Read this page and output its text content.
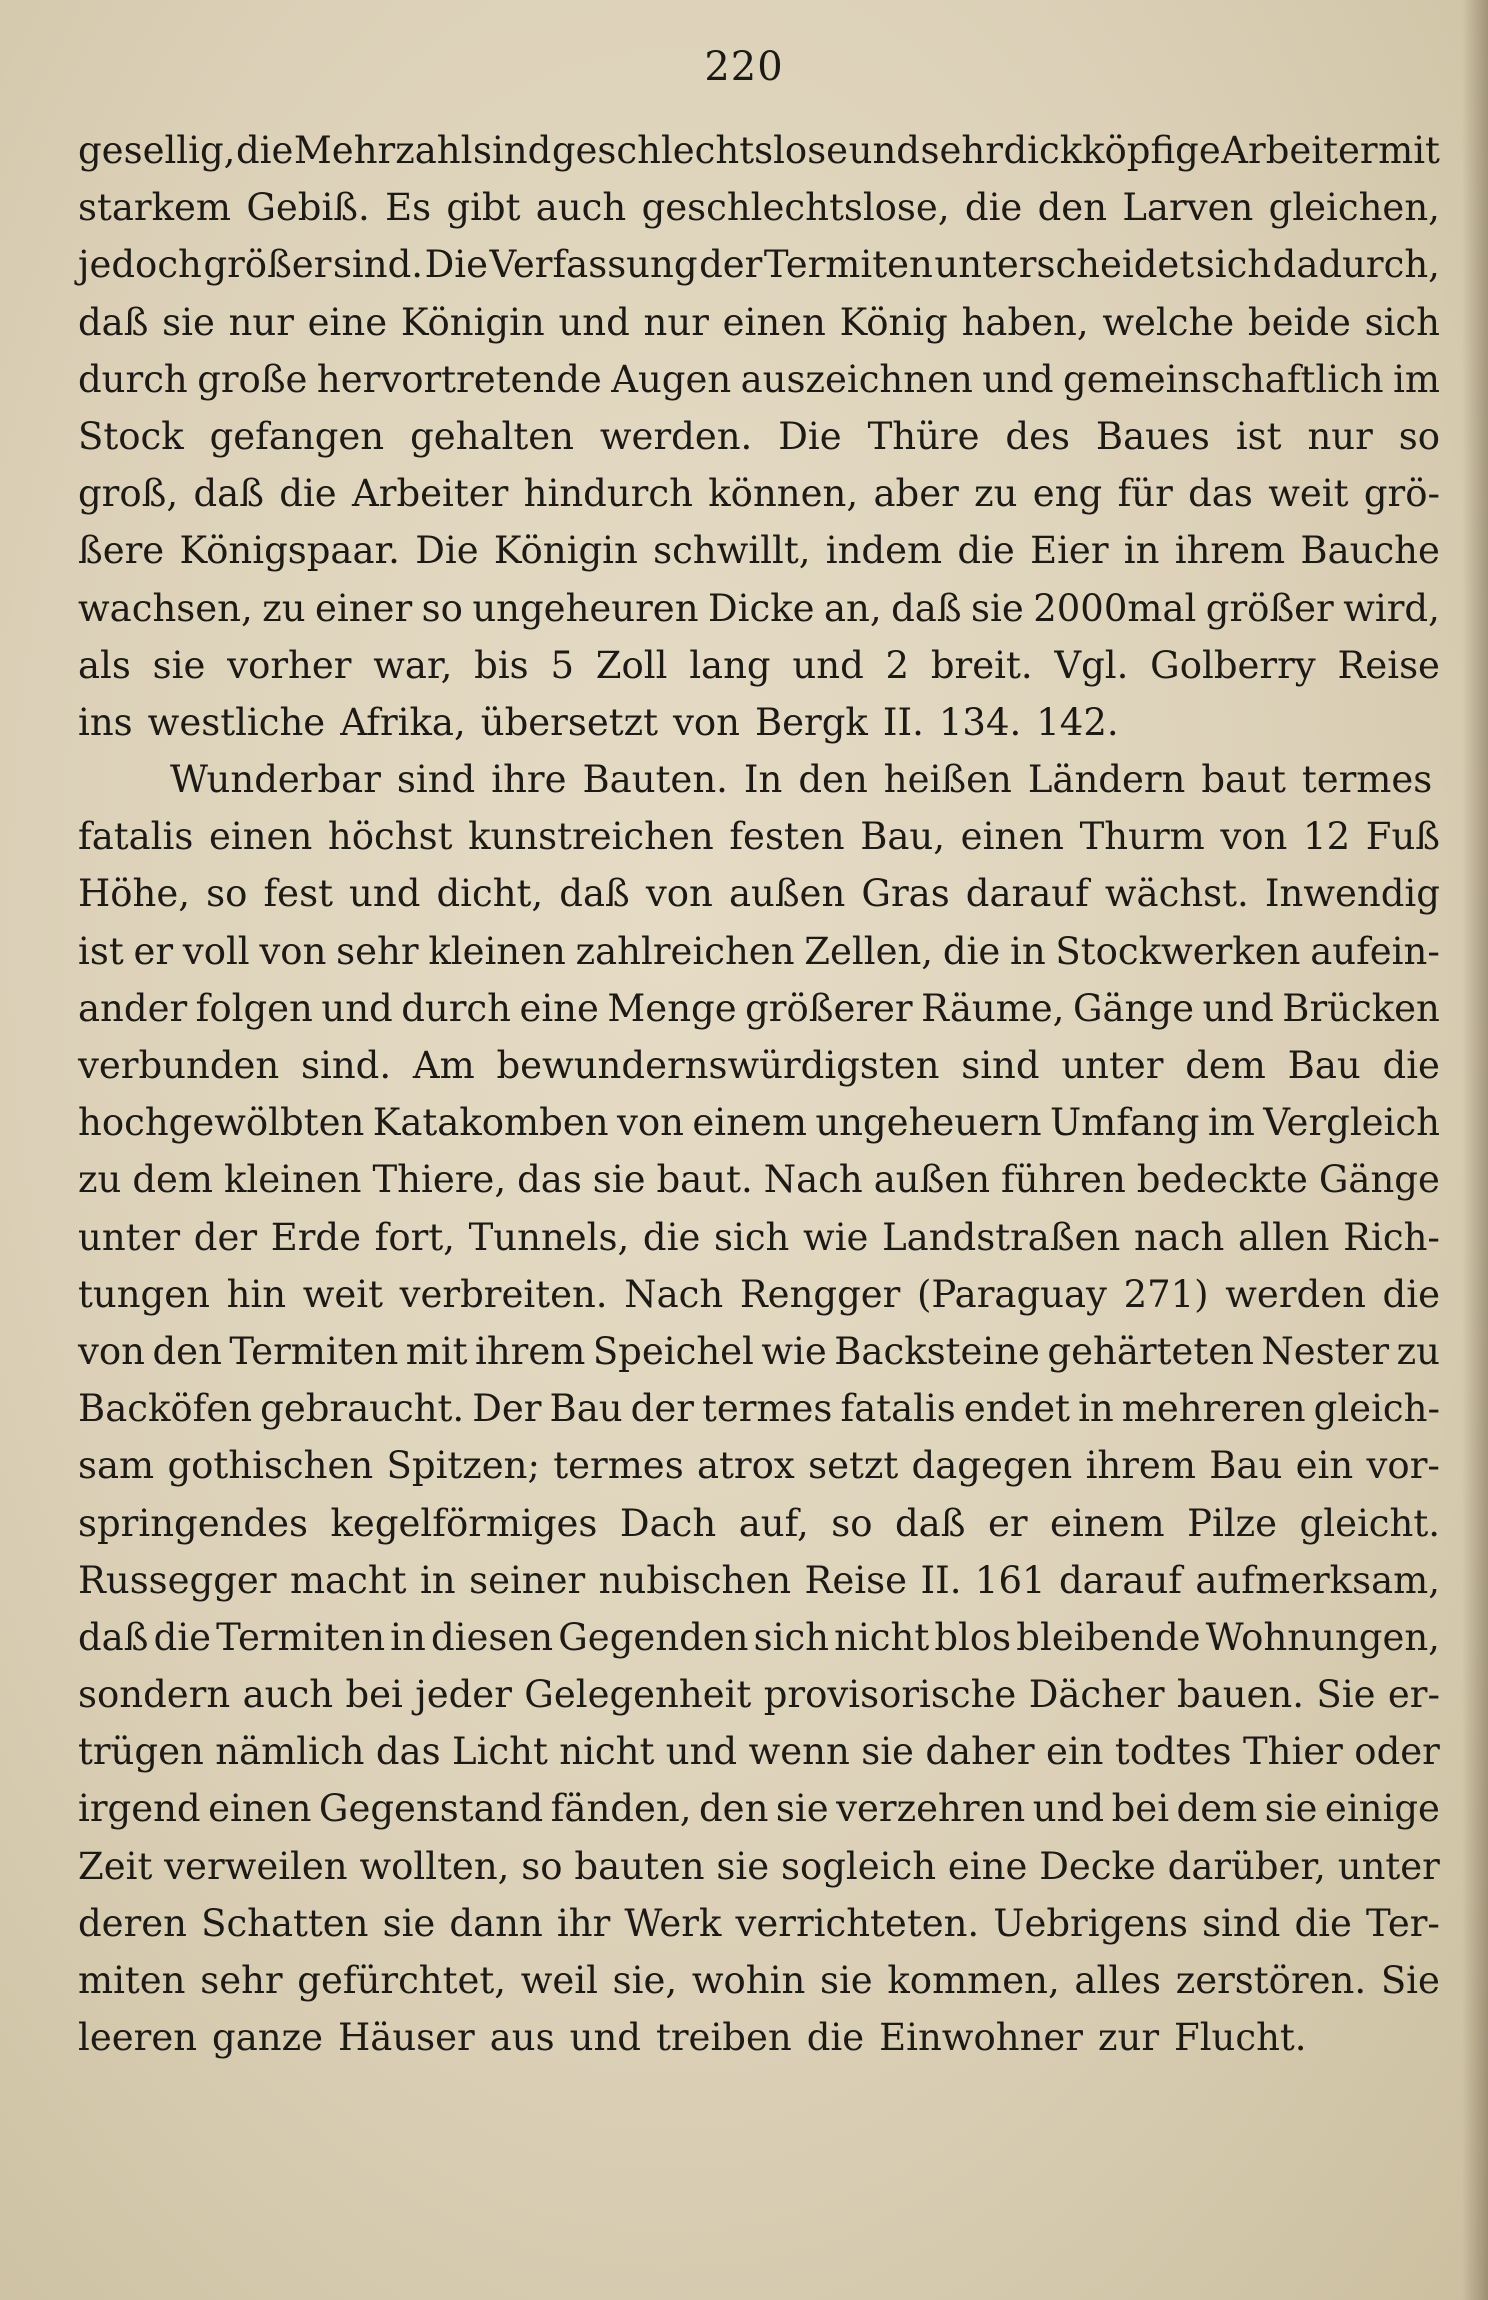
220
gesellig, die Mehrzahl sind geschlechtslose und sehr dickköpfige Arbeiter mit
starkem Gebiß. Es gibt auch geschlechtslose, die den Larven gleichen,
jedoch größer sind. Die Verfassung der Termiten unterscheidet sich dadurch,
daß sie nur eine Königin und nur einen König haben, welche beide sich
durch große hervortretende Augen auszeichnen und gemeinschaftlich im
Stock gefangen gehalten werden. Die Thüre des Baues ist nur so
groß, daß die Arbeiter hindurch können, aber zu eng für das weit grö-
ßere Königspaar. Die Königin schwillt, indem die Eier in ihrem Bauche
wachsen, zu einer so ungeheuren Dicke an, daß sie 2000mal größer wird,
als sie vorher war, bis 5 Zoll lang und 2 breit. Vgl. Golberry Reise
ins westliche Afrika, übersetzt von Bergk II. 134. 142.
Wunderbar sind ihre Bauten. In den heißen Ländern baut termes
fatalis einen höchst kunstreichen festen Bau, einen Thurm von 12 Fuß
Höhe, so fest und dicht, daß von außen Gras darauf wächst. Inwendig
ist er voll von sehr kleinen zahlreichen Zellen, die in Stockwerken aufein-
ander folgen und durch eine Menge größerer Räume, Gänge und Brücken
verbunden sind. Am bewundernswürdigsten sind unter dem Bau die
hochgewölbten Katakomben von einem ungeheuern Umfang im Vergleich
zu dem kleinen Thiere, das sie baut. Nach außen führen bedeckte Gänge
unter der Erde fort, Tunnels, die sich wie Landstraßen nach allen Rich-
tungen hin weit verbreiten. Nach Rengger (Paraguay 271) werden die
von den Termiten mit ihrem Speichel wie Backsteine gehärteten Nester zu
Backöfen gebraucht. Der Bau der termes fatalis endet in mehreren gleich-
sam gothischen Spitzen; termes atrox setzt dagegen ihrem Bau ein vor-
springendes kegelförmiges Dach auf, so daß er einem Pilze gleicht.
Russegger macht in seiner nubischen Reise II. 161 darauf aufmerksam,
daß die Termiten in diesen Gegenden sich nicht blos bleibende Wohnungen,
sondern auch bei jeder Gelegenheit provisorische Dächer bauen. Sie er-
trügen nämlich das Licht nicht und wenn sie daher ein todtes Thier oder
irgend einen Gegenstand fänden, den sie verzehren und bei dem sie einige
Zeit verweilen wollten, so bauten sie sogleich eine Decke darüber, unter
deren Schatten sie dann ihr Werk verrichteten. Uebrigens sind die Ter-
miten sehr gefürchtet, weil sie, wohin sie kommen, alles zerstören. Sie
leeren ganze Häuser aus und treiben die Einwohner zur Flucht.
